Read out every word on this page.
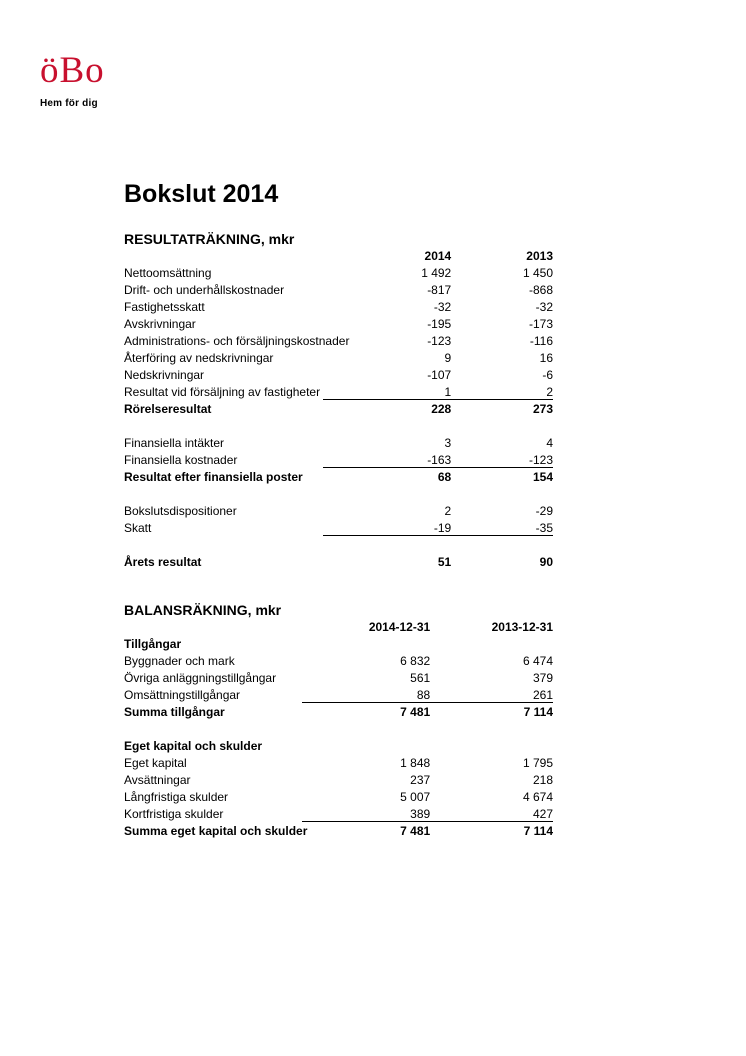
öBo
Hem för dig
Bokslut 2014
RESULTATRÄKNING, mkr
	2014	2013
Nettoomsättning	1 492	1 450
Drift- och underhållskostnader	-817	-868
Fastighetsskatt	-32	-32
Avskrivningar	-195	-173
Administrations- och försäljningskostnader	-123	-116
Återföring av nedskrivningar	9	16
Nedskrivningar	-107	-6
Resultat vid försäljning av fastigheter	1	2
Rörelseresultat	228	273

Finansiella intäkter	3	4
Finansiella kostnader	-163	-123
Resultat efter finansiella poster	68	154

Bokslutsdispositioner	2	-29
Skatt	-19	-35

Årets resultat	51	90
BALANSRÄKNING, mkr
	2014-12-31	2013-12-31
Tillgångar		
Byggnader och mark	6 832	6 474
Övriga anläggningstillgångar	561	379
Omsättningstillgångar	88	261
Summa tillgångar	7 481	7 114

Eget kapital och skulder		
Eget kapital	1 848	1 795
Avsättningar	237	218
Långfristiga skulder	5 007	4 674
Kortfristiga skulder	389	427
Summa eget kapital och skulder	7 481	7 114
